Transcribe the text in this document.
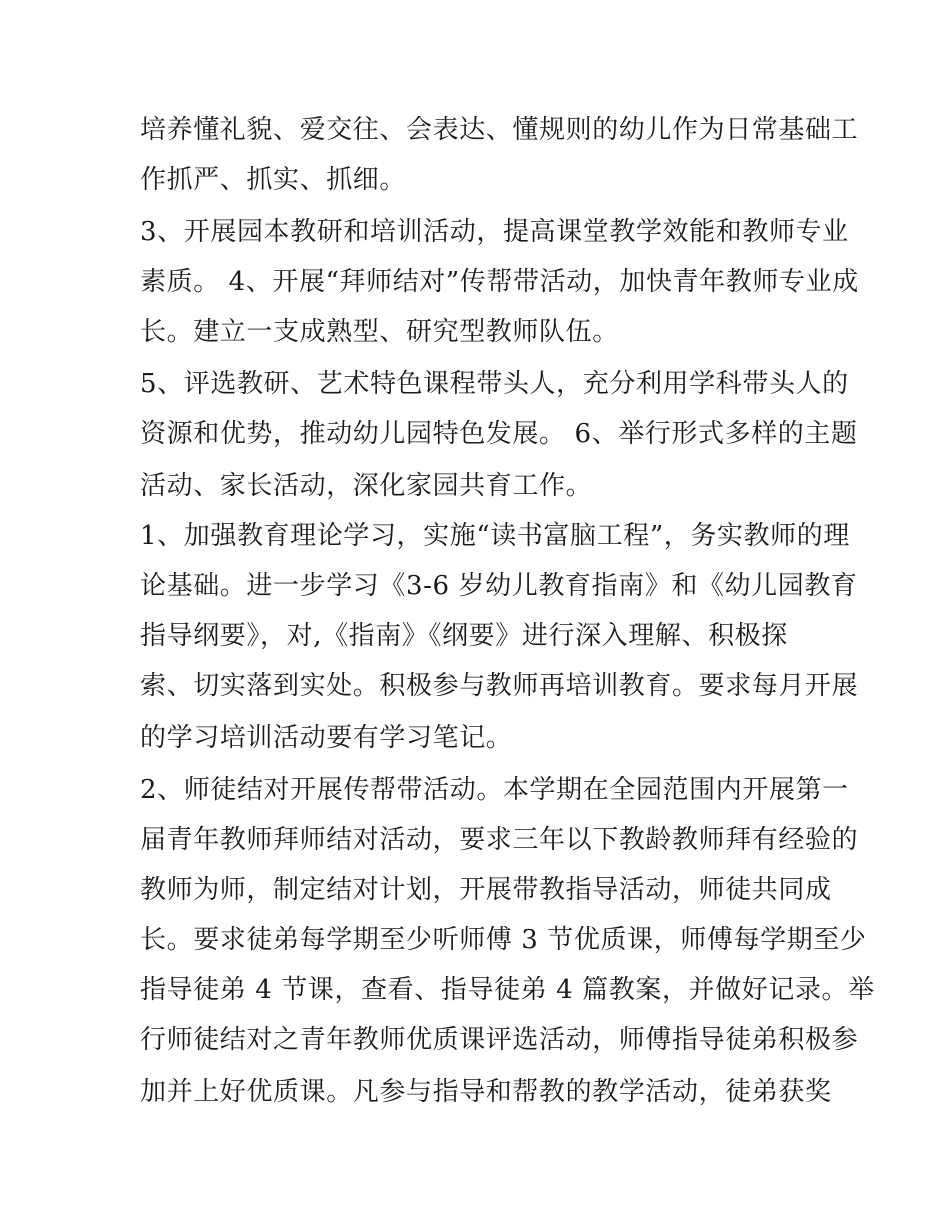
培养懂礼貌、爱交往、会表达、懂规则的幼儿作为日常基础工
作抓严、抓实、抓细。
3、开展园本教研和培训活动，提高课堂教学效能和教师专业
素质。 4、开展“拜师结对”传帮带活动，加快青年教师专业成
长。建立一支成熟型、研究型教师队伍。
5、评选教研、艺术特色课程带头人，充分利用学科带头人的
资源和优势，推动幼儿园特色发展。 6、举行形式多样的主题
活动、家长活动，深化家园共育工作。
1、加强教育理论学习，实施“读书富脑工程”，务实教师的理
论基础。进一步学习《3-6 岁幼儿教育指南》和《幼儿园教育
指导纲要》，对,《指南》《纲要》进行深入理解、积极探
索、切实落到实处。积极参与教师再培训教育。要求每月开展
的学习培训活动要有学习笔记。
2、师徒结对开展传帮带活动。本学期在全园范围内开展第一
届青年教师拜师结对活动，要求三年以下教龄教师拜有经验的
教师为师，制定结对计划，开展带教指导活动，师徒共同成
长。要求徒弟每学期至少听师傅 3 节优质课，师傅每学期至少
指导徒弟 4 节课，查看、指导徒弟 4 篇教案，并做好记录。举
行师徒结对之青年教师优质课评选活动，师傅指导徒弟积极参
加并上好优质课。凡参与指导和帮教的教学活动，徒弟获奖
